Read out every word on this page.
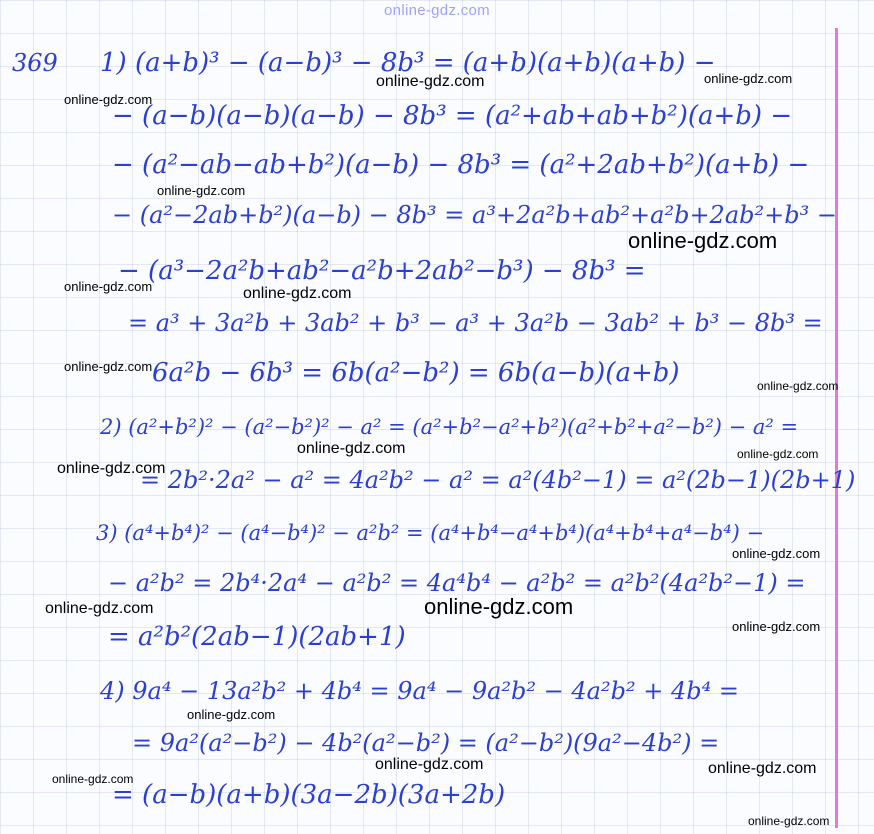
online-gdz.com
369 1) (a+b)³ − (a−b)³ − 8b³ = (a+b)(a+b)(a+b) −
− (a−b)(a−b)(a−b) − 8b³ = (a²+ab+ab+b²)(a+b) −
− (a²−ab−ab+b²)(a−b) − 8b³ = (a²+2ab+b²)(a+b) −
− (a²−2ab+b²)(a−b) − 8b³ = a³+2a²b+ab²+a²b+2ab²+b³ −
− (a³−2a²b+ab²−a²b+2ab²−b³) − 8b³ =
= a³ + 3a²b + 3ab² + b³ − a³ + 3a²b − 3ab² + b³ − 8b³ =
6a²b − 6b³ = 6b(a²−b²) = 6b(a−b)(a+b)
2) (a²+b²)² − (a²−b²)² − a² = (a²+b²−a²+b²)(a²+b²+a²−b²) − a² =
= 2b²·2a² − a² = 4a²b² − a² = a²(4b²−1) = a²(2b−1)(2b+1)
3) (a⁴+b⁴)² − (a⁴−b⁴)² − a²b² = (a⁴+b⁴−a⁴+b⁴)(a⁴+b⁴+a⁴−b⁴) −
− a²b² = 2b⁴·2a⁴ − a²b² = 4a⁴b⁴ − a²b² = a²b²(4a²b²−1) =
= a²b²(2ab−1)(2ab+1)
4) 9a⁴ − 13a²b² + 4b⁴ = 9a⁴ − 9a²b² − 4a²b² + 4b⁴ =
= 9a²(a²−b²) − 4b²(a²−b²) = (a²−b²)(9a²−4b²) =
= (a−b)(a+b)(3a−2b)(3a+2b)
online-gdz.com
online-gdz.com	online-gdz.com
online-gdz.com
online-gdz.com
online-gdz.com	online-gdz.com
online-gdz.com
online-gdz.com
online-gdz.com	online-gdz.com
online-gdz.com
online-gdz.com
online-gdz.com	online-gdz.com
online-gdz.com
online-gdz.com
online-gdz.com
online-gdz.com	online-gdz.com
online-gdz.com
